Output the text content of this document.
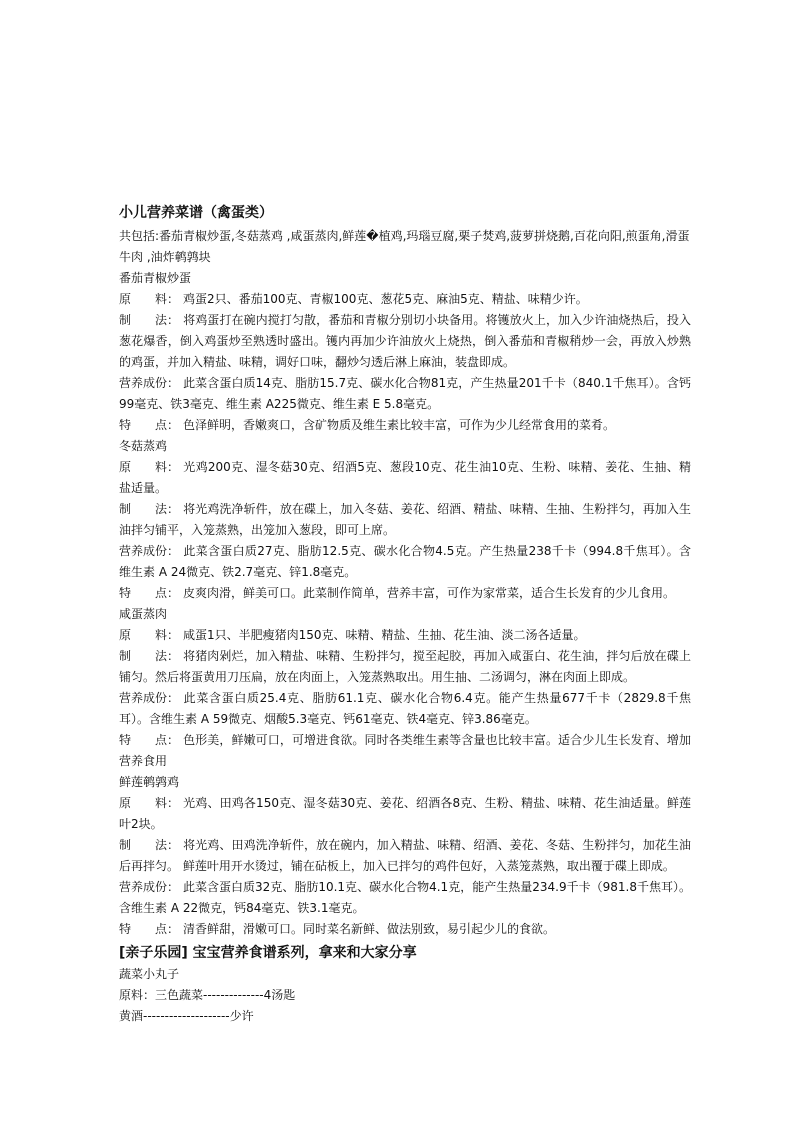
小儿营养菜谱（禽蛋类）

共包括:番茄青椒炒蛋,冬菇蒸鸡 ,咸蛋蒸肉,鲜莲�植鸡,玛瑙豆腐,栗子焚鸡,菠萝拼烧鹅,百花向阳,煎蛋角,滑蛋牛肉 ,油炸鹌鹑块

番茄青椒炒蛋

原　　料： 鸡蛋2只、番茄100克、青椒100克、葱花5克、麻油5克、精盐、味精少许。

制　　法： 将鸡蛋打在碗内搅打匀散，番茄和青椒分别切小块备用。将镬放火上，加入少许油烧热后，投入葱花爆香，倒入鸡蛋炒至熟透时盛出。镬内再加少许油放火上烧热，倒入番茄和青椒稍炒一会，再放入炒熟的鸡蛋，并加入精盐、味精，调好口味，翻炒匀透后淋上麻油，装盘即成。

营养成份： 此菜含蛋白质14克、脂肪15.7克、碳水化合物81克，产生热量201千卡（840.1千焦耳）。含钙99毫克、铁3毫克、维生素 A225微克、维生素 E 5.8毫克。

特　　点： 色泽鲜明，香嫩爽口，含矿物质及维生素比较丰富，可作为少儿经常食用的菜肴。

冬菇蒸鸡

原　　料： 光鸡200克、湿冬菇30克、绍酒5克、葱段10克、花生油10克、生粉、味精、姜花、生抽、精盐适量。

制　　法： 将光鸡洗净斩件，放在碟上，加入冬菇、姜花、绍酒、精盐、味精、生抽、生粉拌匀，再加入生油拌匀铺平，入笼蒸熟，出笼加入葱段，即可上席。

营养成份： 此菜含蛋白质27克、脂肪12.5克、碳水化合物4.5克。产生热量238千卡（994.8千焦耳）。含维生素 A 24微克、铁2.7毫克、锌1.8毫克。

特　　点： 皮爽肉滑，鲜美可口。此菜制作简单，营养丰富，可作为家常菜，适合生长发育的少儿食用。

咸蛋蒸肉

原　　料： 咸蛋1只、半肥瘦猪肉150克、味精、精盐、生抽、花生油、淡二汤各适量。

制　　法： 将猪肉剁烂，加入精盐、味精、生粉拌匀，搅至起胶，再加入咸蛋白、花生油，拌匀后放在碟上铺匀。然后将蛋黄用刀压扁，放在肉面上，入笼蒸熟取出。用生抽、二汤调匀，淋在肉面上即成。

营养成份： 此菜含蛋白质25.4克、脂肪61.1克、碳水化合物6.4克。能产生热量677千卡（2829.8千焦耳）。含维生素 A 59微克、烟酸5.3毫克、钙61毫克、铁4毫克、锌3.86毫克。

特　　点： 色形美，鲜嫩可口，可增进食欲。同时各类维生素等含量也比较丰富。适合少儿生长发育、增加营养食用

鲜莲鹌鹑鸡

原　　料： 光鸡、田鸡各150克、湿冬菇30克、姜花、绍酒各8克、生粉、精盐、味精、花生油适量。鲜莲叶2块。

制　　法： 将光鸡、田鸡洗净斩件，放在碗内，加入精盐、味精、绍酒、姜花、冬菇、生粉拌匀，加花生油后再拌匀。 鲜莲叶用开水烫过，铺在砧板上，加入已拌匀的鸡件包好，入蒸笼蒸熟，取出覆于碟上即成。

营养成份： 此菜含蛋白质32克、脂肪10.1克、碳水化合物4.1克，能产生热量234.9千卡（981.8千焦耳）。含维生素 A 22微克，钙84毫克、铁3.1毫克。

特　　点： 清香鲜甜，滑嫩可口。同时菜名新鲜、做法别致，易引起少儿的食欲。

[亲子乐园] 宝宝营养食谱系列，拿来和大家分享

蔬菜小丸子

原料：三色蔬菜--------------4汤匙

黄酒--------------------少许
